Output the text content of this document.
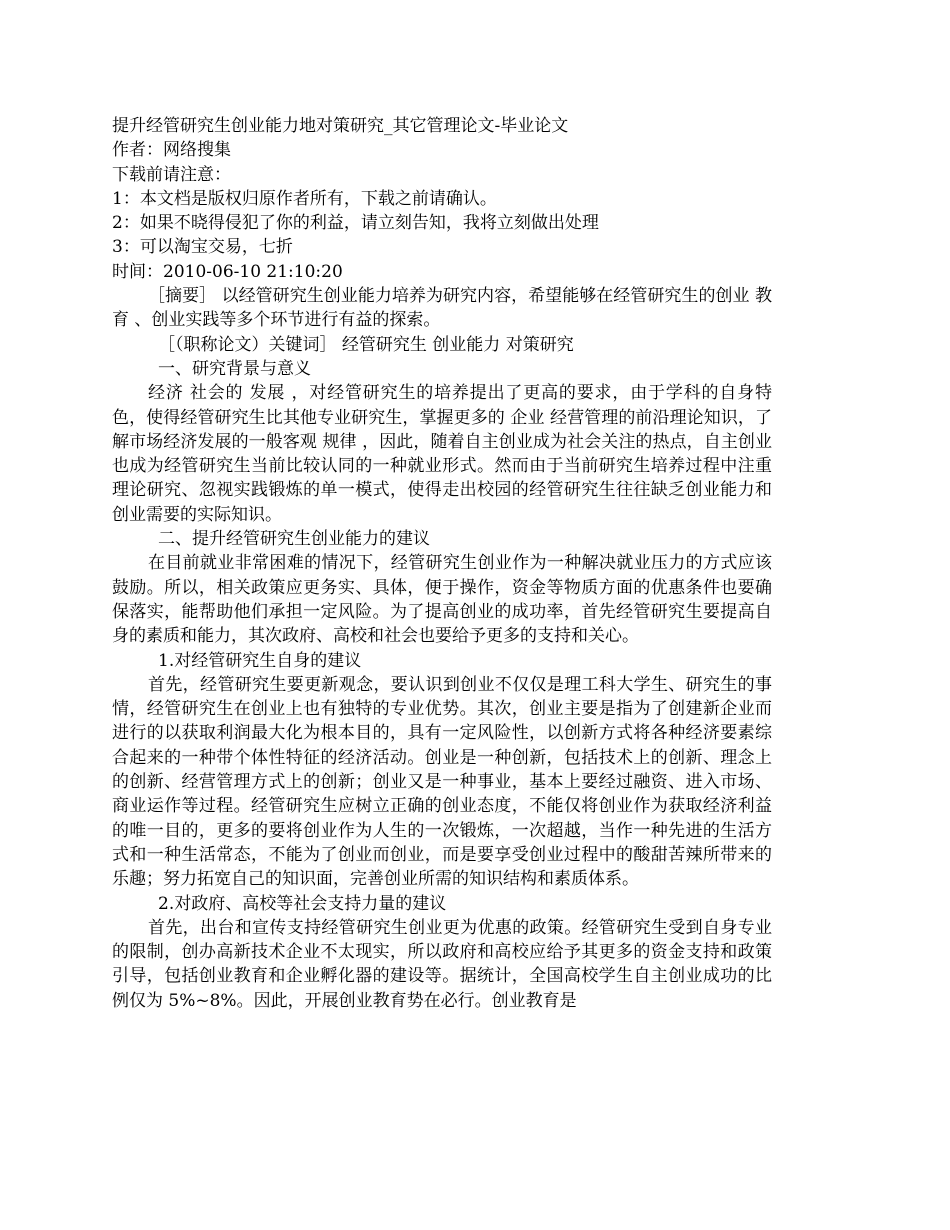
提升经管研究生创业能力地对策研究_其它管理论文-毕业论文

作者：网络搜集

下载前请注意：

1：本文档是版权归原作者所有，下载之前请确认。

2：如果不晓得侵犯了你的利益，请立刻告知，我将立刻做出处理

3：可以淘宝交易，七折

时间：2010-06-10 21:10:20

［摘要］ 以经管研究生创业能力培养为研究内容，希望能够在经管研究生的创业 教育 、创业实践等多个环节进行有益的探索。

［（职称论文）关键词］ 经管研究生 创业能力 对策研究

一、研究背景与意义

经济 社会的 发展 ，对经管研究生的培养提出了更高的要求，由于学科的自身特色，使得经管研究生比其他专业研究生，掌握更多的 企业 经营管理的前沿理论知识，了解市场经济发展的一般客观 规律 ，因此，随着自主创业成为社会关注的热点，自主创业也成为经管研究生当前比较认同的一种就业形式。然而由于当前研究生培养过程中注重理论研究、忽视实践锻炼的单一模式，使得走出校园的经管研究生往往缺乏创业能力和创业需要的实际知识。

二、提升经管研究生创业能力的建议

在目前就业非常困难的情况下，经管研究生创业作为一种解决就业压力的方式应该鼓励。所以，相关政策应更务实、具体，便于操作，资金等物质方面的优惠条件也要确保落实，能帮助他们承担一定风险。为了提高创业的成功率，首先经管研究生要提高自身的素质和能力，其次政府、高校和社会也要给予更多的支持和关心。

1.对经管研究生自身的建议

首先，经管研究生要更新观念，要认识到创业不仅仅是理工科大学生、研究生的事情，经管研究生在创业上也有独特的专业优势。其次，创业主要是指为了创建新企业而进行的以获取利润最大化为根本目的，具有一定风险性，以创新方式将各种经济要素综合起来的一种带个体性特征的经济活动。创业是一种创新，包括技术上的创新、理念上的创新、经营管理方式上的创新；创业又是一种事业，基本上要经过融资、进入市场、商业运作等过程。经管研究生应树立正确的创业态度，不能仅将创业作为获取经济利益的唯一目的，更多的要将创业作为人生的一次锻炼，一次超越，当作一种先进的生活方式和一种生活常态，不能为了创业而创业，而是要享受创业过程中的酸甜苦辣所带来的乐趣；努力拓宽自己的知识面，完善创业所需的知识结构和素质体系。

2.对政府、高校等社会支持力量的建议

首先，出台和宣传支持经管研究生创业更为优惠的政策。经管研究生受到自身专业的限制，创办高新技术企业不太现实，所以政府和高校应给予其更多的资金支持和政策引导，包括创业教育和企业孵化器的建设等。据统计，全国高校学生自主创业成功的比例仅为 5%~8%。因此，开展创业教育势在必行。创业教育是
